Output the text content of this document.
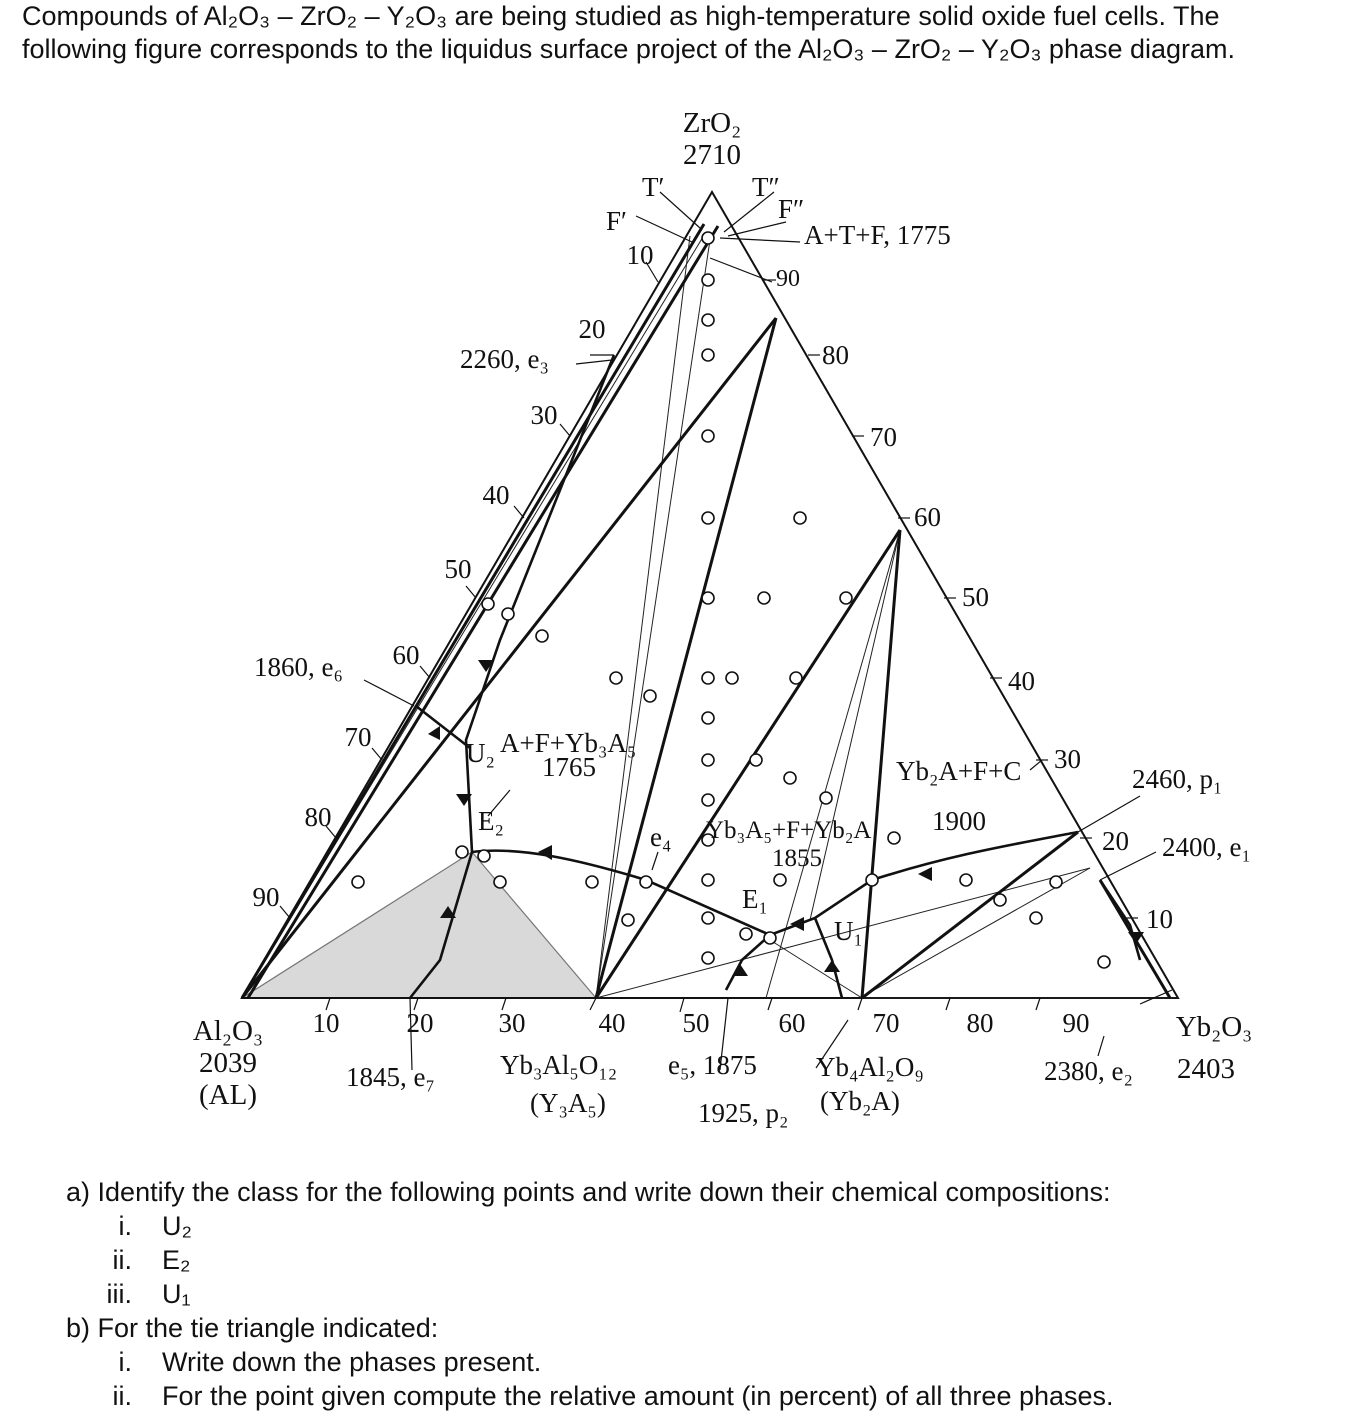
Compounds of Al₂O₃ – ZrO₂ – Y₂O₃ are being studied as high-temperature solid oxide fuel cells. The
following figure corresponds to the liquidus surface project of the Al₂O₃ – ZrO₂ – Y₂O₃ phase diagram.
10 20 30	40 50	60 70 80	90
10
20
30
40
50
60
70
80
90
90
80
70
60
50
40
30
20
10
ZrO₂
2710
Al₂O₃
2039
(AL)
Yb₂O₃
2403
T′	T″
F′	F″
A+T+F, 1775
2260, e₃
1860, e₆
U₂ A+F+Yb₃A₅
1765
E₂
e₄
Yb₂A+F+C
1900
Yb₃A₅+F+Yb₂A
1855
E₁
U₁
2460, p₁
2400, e₁
1845, e₇ Yb₃Al₅O₁₂
(Y₃A₅)
e₅, 1875
1925, p₂
Yb₄Al₂O₉
(Yb₂A)
2380, e₂
a) Identify the class for the following points and write down their chemical compositions:
i. U₂
ii. E₂
iii. U₁
b) For the tie triangle indicated:
i. Write down the phases present.
ii. For the point given compute the relative amount (in percent) of all three phases.
